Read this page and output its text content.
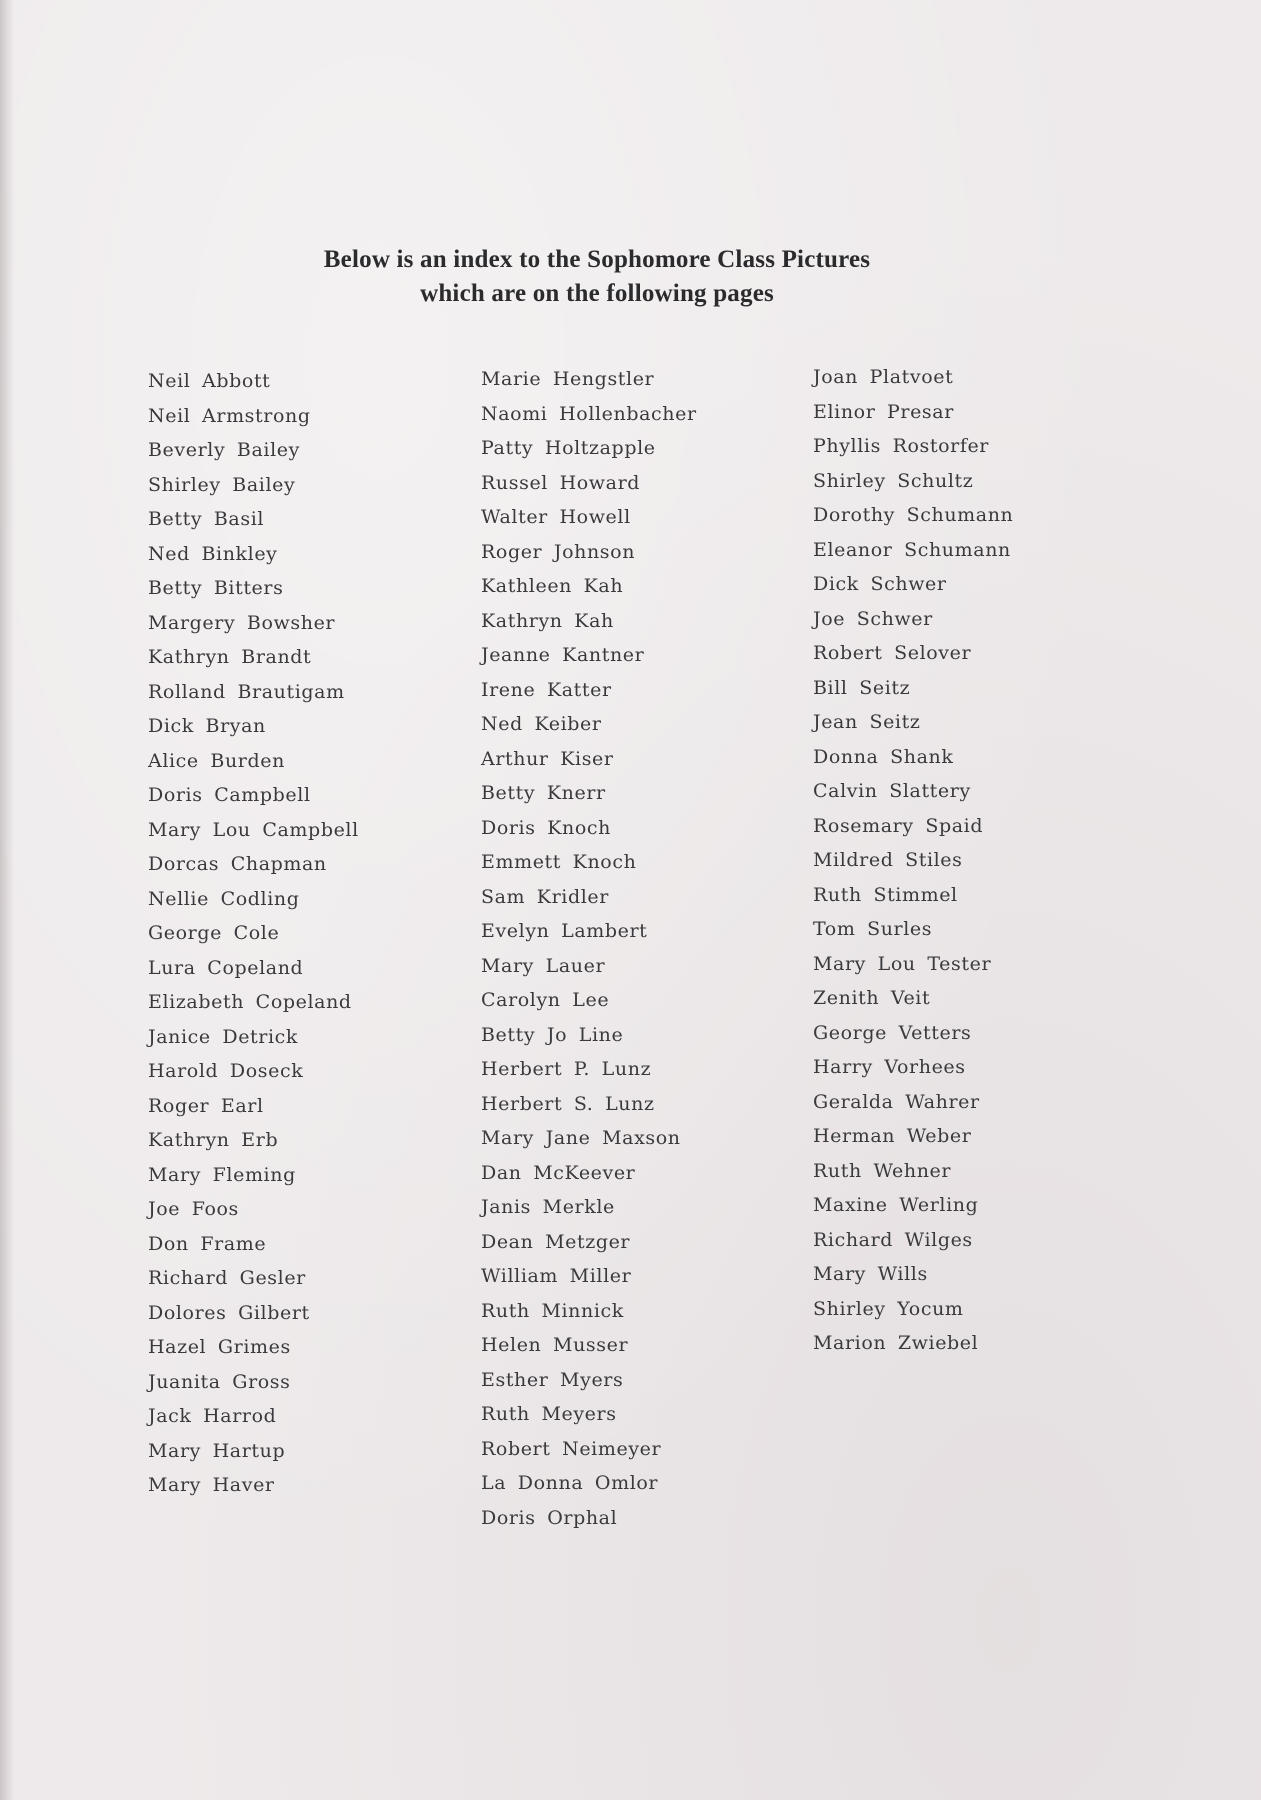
Below is an index to the Sophomore Class Pictures
which are on the following pages
Neil Abbott
Neil Armstrong
Beverly Bailey
Shirley Bailey
Betty Basil
Ned Binkley
Betty Bitters
Margery Bowsher
Kathryn Brandt
Rolland Brautigam
Dick Bryan
Alice Burden
Doris Campbell
Mary Lou Campbell
Dorcas Chapman
Nellie Codling
George Cole
Lura Copeland
Elizabeth Copeland
Janice Detrick
Harold Doseck
Roger Earl
Kathryn Erb
Mary Fleming
Joe Foos
Don Frame
Richard Gesler
Dolores Gilbert
Hazel Grimes
Juanita Gross
Jack Harrod
Mary Hartup
Mary Haver
Marie Hengstler
Naomi Hollenbacher
Patty Holtzapple
Russel Howard
Walter Howell
Roger Johnson
Kathleen Kah
Kathryn Kah
Jeanne Kantner
Irene Katter
Ned Keiber
Arthur Kiser
Betty Knerr
Doris Knoch
Emmett Knoch
Sam Kridler
Evelyn Lambert
Mary Lauer
Carolyn Lee
Betty Jo Line
Herbert P. Lunz
Herbert S. Lunz
Mary Jane Maxson
Dan McKeever
Janis Merkle
Dean Metzger
William Miller
Ruth Minnick
Helen Musser
Esther Myers
Ruth Meyers
Robert Neimeyer
La Donna Omlor
Doris Orphal
Joan Platvoet
Elinor Presar
Phyllis Rostorfer
Shirley Schultz
Dorothy Schumann
Eleanor Schumann
Dick Schwer
Joe Schwer
Robert Selover
Bill Seitz
Jean Seitz
Donna Shank
Calvin Slattery
Rosemary Spaid
Mildred Stiles
Ruth Stimmel
Tom Surles
Mary Lou Tester
Zenith Veit
George Vetters
Harry Vorhees
Geralda Wahrer
Herman Weber
Ruth Wehner
Maxine Werling
Richard Wilges
Mary Wills
Shirley Yocum
Marion Zwiebel
